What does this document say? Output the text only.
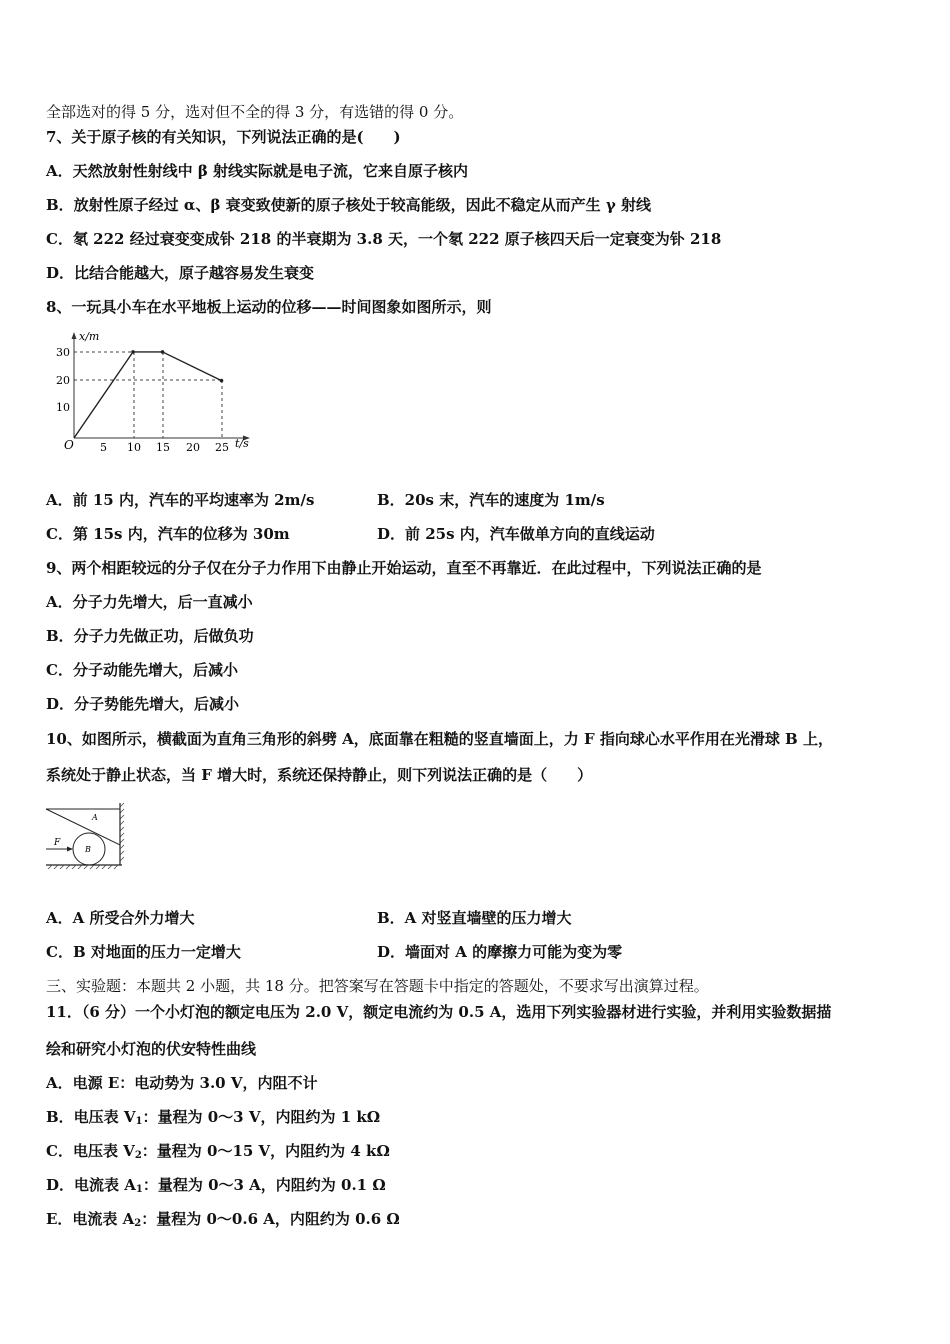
全部选对的得 5 分，选对但不全的得 3 分，有选错的得 0 分。
7、关于原子核的有关知识，下列说法正确的是(　　)
A．天然放射性射线中 β 射线实际就是电子流，它来自原子核内
B．放射性原子经过 α、β 衰变致使新的原子核处于较高能级，因此不稳定从而产生 γ 射线
C．氡 222 经过衰变变成钋 218 的半衰期为 3.8 天，一个氡 222 原子核四天后一定衰变为钋 218
D．比结合能越大，原子越容易发生衰变
8、一玩具小车在水平地板上运动的位移——时间图象如图所示，则
x/m
t/s
O
30
20
10
5 10 15 20 25
A．前 15 内，汽车的平均速率为 2m/s	B．20s 末，汽车的速度为 1m/s
C．第 15s 内，汽车的位移为 30m	D．前 25s 内，汽车做单方向的直线运动
9、两个相距较远的分子仅在分子力作用下由静止开始运动，直至不再靠近．在此过程中，下列说法正确的是
A．分子力先增大，后一直减小
B．分子力先做正功，后做负功
C．分子动能先增大，后减小
D．分子势能先增大，后减小
10、如图所示，横截面为直角三角形的斜劈 A，底面靠在粗糙的竖直墙面上，力 F 指向球心水平作用在光滑球 B 上，
系统处于静止状态，当 F 增大时，系统还保持静止，则下列说法正确的是（　　）
F
A
B
A．A 所受合外力增大	B．A 对竖直墙壁的压力增大
C．B 对地面的压力一定增大	D．墙面对 A 的摩擦力可能为变为零
三、实验题：本题共 2 小题，共 18 分。把答案写在答题卡中指定的答题处，不要求写出演算过程。
11．（6 分）一个小灯泡的额定电压为 2.0 V，额定电流约为 0.5 A，选用下列实验器材进行实验，并利用实验数据描
绘和研究小灯泡的伏安特性曲线
A．电源 E：电动势为 3.0 V，内阻不计
B．电压表 $V_1$：量程为 0～3 V，内阻约为 1 kΩ
C．电压表 $V_2$：量程为 0～15 V，内阻约为 4 kΩ
D．电流表 $A_1$：量程为 0～3 A，内阻约为 0.1 Ω
E．电流表 $A_2$：量程为 0～0.6 A，内阻约为 0.6 Ω
